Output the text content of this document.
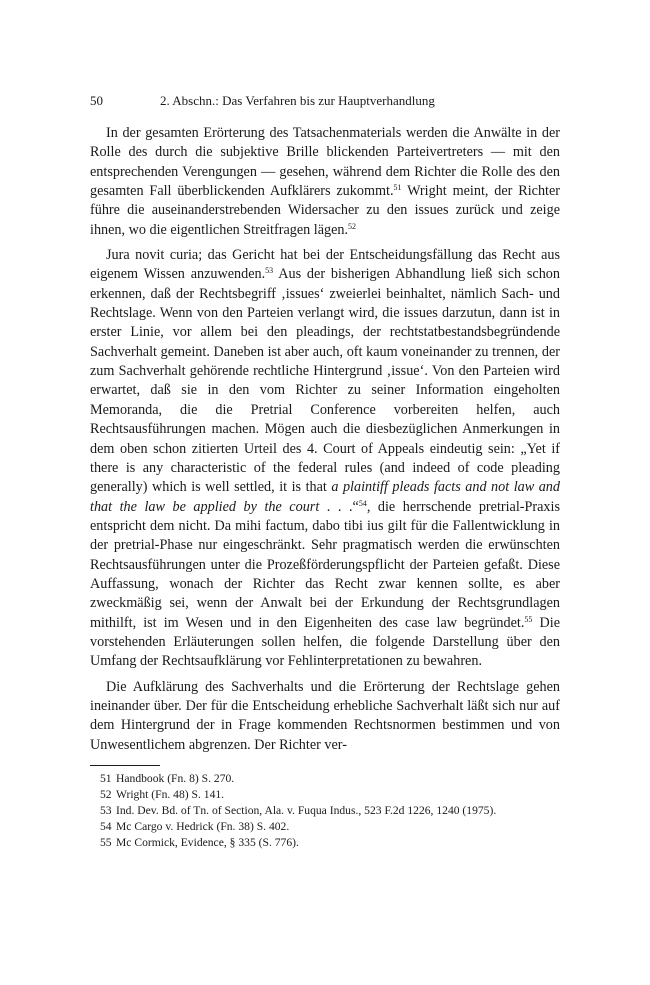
50	2. Abschn.: Das Verfahren bis zur Hauptverhandlung

In der gesamten Erörterung des Tatsachenmaterials werden die Anwälte in der Rolle des durch die subjektive Brille blickenden Parteivertreters — mit den entsprechenden Verengungen — gesehen, während dem Richter die Rolle des den gesamten Fall überblickenden Aufklärers zukommt.$^{51}$ Wright meint, der Richter führe die auseinanderstrebenden Widersacher zu den issues zurück und zeige ihnen, wo die eigentlichen Streitfragen lägen.$^{52}$

Jura novit curia; das Gericht hat bei der Entscheidungsfällung das Recht aus eigenem Wissen anzuwenden.$^{53}$ Aus der bisherigen Abhandlung ließ sich schon erkennen, daß der Rechtsbegriff ‚issues‘ zweierlei beinhaltet, nämlich Sach- und Rechtslage. Wenn von den Parteien verlangt wird, die issues darzutun, dann ist in erster Linie, vor allem bei den pleadings, der rechtstatbestandsbegründende Sachverhalt gemeint. Daneben ist aber auch, oft kaum voneinander zu trennen, der zum Sachverhalt gehörende rechtliche Hintergrund ‚issue‘. Von den Parteien wird erwartet, daß sie in den vom Richter zu seiner Information eingeholten Memoranda, die die Pretrial Conference vorbereiten helfen, auch Rechtsausführungen machen. Mögen auch die diesbezüglichen Anmerkungen in dem oben schon zitierten Urteil des 4. Court of Appeals eindeutig sein: „Yet if there is any characteristic of the federal rules (and indeed of code pleading generally) which is well settled, it is that a plaintiff pleads facts and not law and that the law be applied by the court . . .“$^{54}$, die herrschende pretrial-Praxis entspricht dem nicht. Da mihi factum, dabo tibi ius gilt für die Fallentwicklung in der pretrial-Phase nur eingeschränkt. Sehr pragmatisch werden die erwünschten Rechtsausführungen unter die Prozeßförderungspflicht der Parteien gefaßt. Diese Auffassung, wonach der Richter das Recht zwar kennen sollte, es aber zweckmäßig sei, wenn der Anwalt bei der Erkundung der Rechtsgrundlagen mithilft, ist im Wesen und in den Eigenheiten des case law begründet.$^{55}$ Die vorstehenden Erläuterungen sollen helfen, die folgende Darstellung über den Umfang der Rechtsaufklärung vor Fehlinterpretationen zu bewahren.

Die Aufklärung des Sachverhalts und die Erörterung der Rechtslage gehen ineinander über. Der für die Entscheidung erhebliche Sachverhalt läßt sich nur auf dem Hintergrund der in Frage kommenden Rechtsnormen bestimmen und von Unwesentlichem abgrenzen. Der Richter ver-

51 Handbook (Fn. 8) S. 270.
52 Wright (Fn. 48) S. 141.
53 Ind. Dev. Bd. of Tn. of Section, Ala. v. Fuqua Indus., 523 F.2d 1226, 1240 (1975).
54 Mc Cargo v. Hedrick (Fn. 38) S. 402.
55 Mc Cormick, Evidence, § 335 (S. 776).
